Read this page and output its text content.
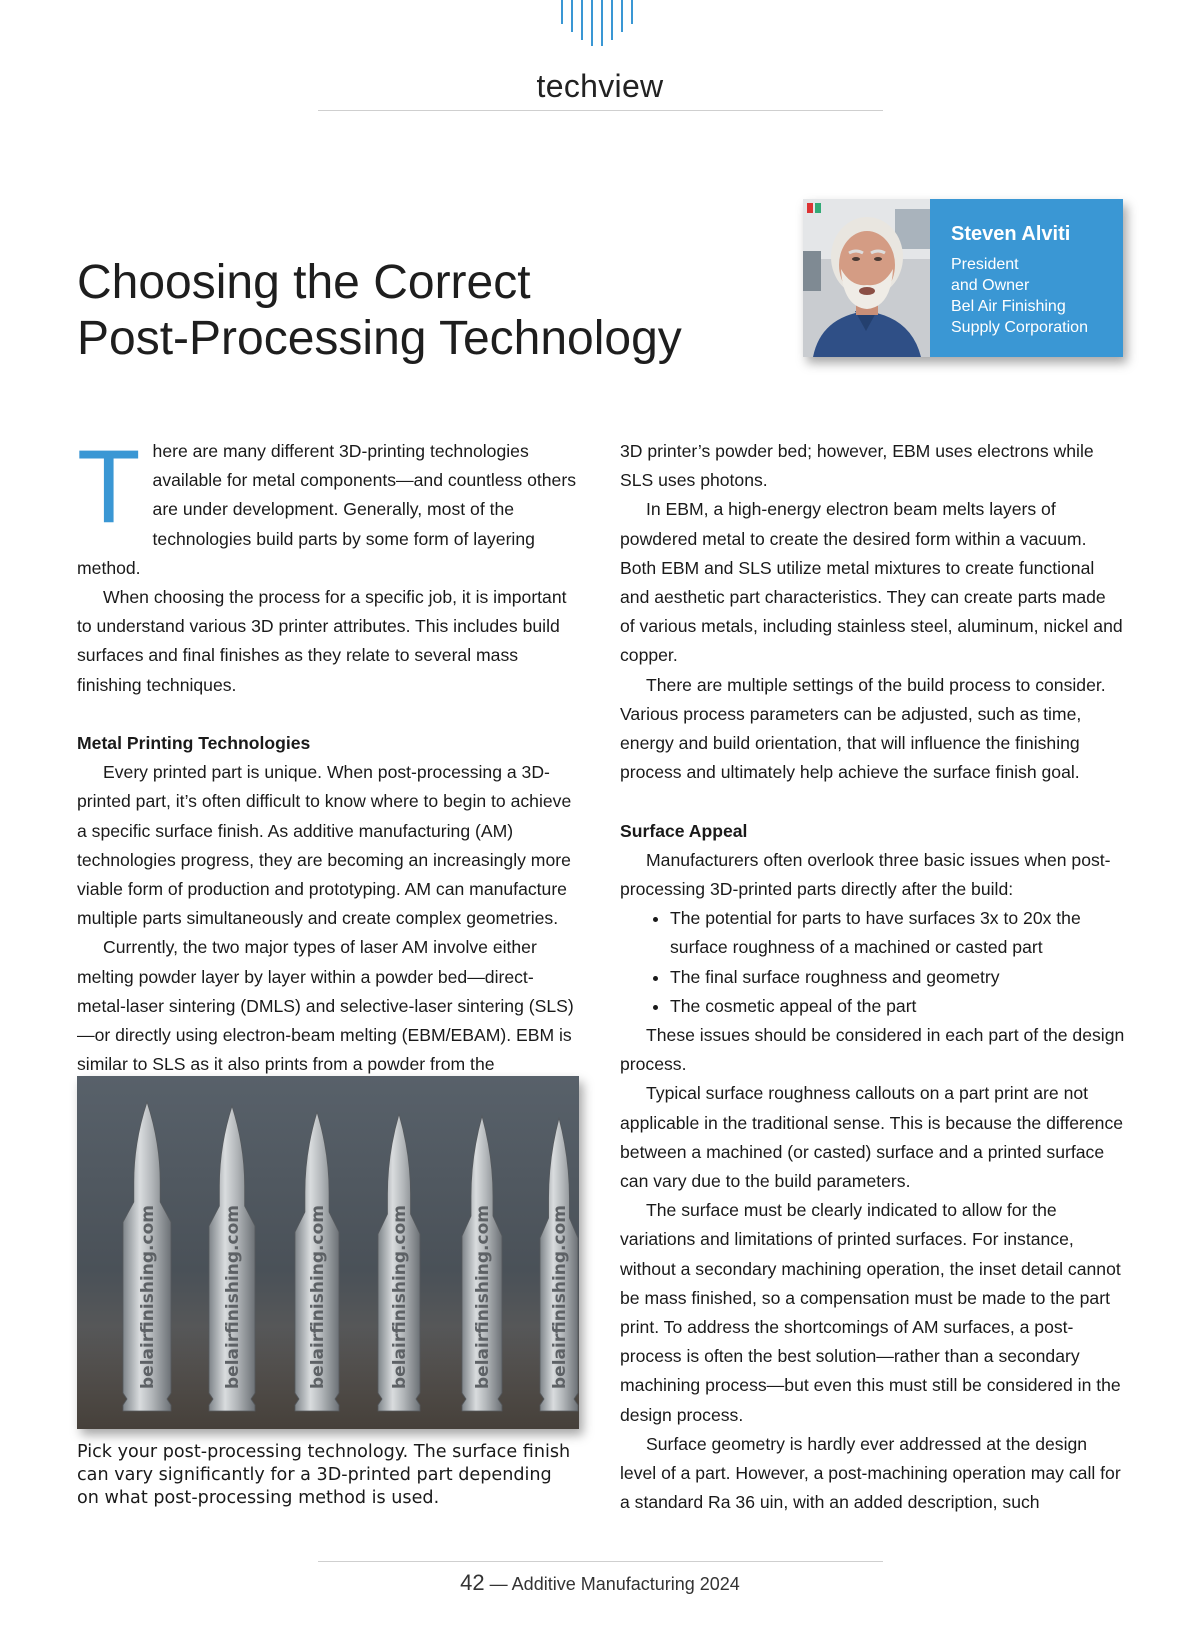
techview
Choosing the Correct
Post-Processing Technology
Steven Alviti
President
and Owner
Bel Air Finishing
Supply Corporation
T here are many different 3D-printing technologies available for metal components—and countless others are under development. Generally, most of the technologies build parts by some form of layering method.

When choosing the process for a specific job, it is important to understand various 3D printer attributes. This includes build surfaces and final finishes as they relate to several mass finishing techniques.

Metal Printing Technologies

Every printed part is unique. When post-processing a 3D-printed part, it’s often difficult to know where to begin to achieve a specific surface finish. As additive manufacturing (AM) technologies progress, they are becoming an increasingly more viable form of production and prototyping. AM can manufacture multiple parts simultaneously and create complex geometries.

Currently, the two major types of laser AM involve either melting powder layer by layer within a powder bed—direct-metal-laser sintering (DMLS) and selective-laser sintering (SLS)—or directly using electron-beam melting (EBM/EBAM). EBM is similar to SLS as it also prints from a powder from the

belairfinishing.com	belairfinishing.com	belairfinishing.com	belairfinishing.com	belairfinishing.com	belairfinishing.com
Pick your post-processing technology. The surface finish can vary significantly for a 3D-printed part depending on what post-processing method is used.

3D printer’s powder bed; however, EBM uses electrons while SLS uses photons.

In EBM, a high-energy electron beam melts layers of powdered metal to create the desired form within a vacuum. Both EBM and SLS utilize metal mixtures to create functional and aesthetic part characteristics. They can create parts made of various metals, including stainless steel, aluminum, nickel and copper.

There are multiple settings of the build process to consider. Various process parameters can be adjusted, such as time, energy and build orientation, that will influence the finishing process and ultimately help achieve the surface finish goal.

Surface Appeal

Manufacturers often overlook three basic issues when post-processing 3D-printed parts directly after the build:

• The potential for parts to have surfaces 3x to 20x the surface roughness of a machined or casted part
• The final surface roughness and geometry
• The cosmetic appeal of the part

These issues should be considered in each part of the design process.

Typical surface roughness callouts on a part print are not applicable in the traditional sense. This is because the difference between a machined (or casted) surface and a printed surface can vary due to the build parameters.

The surface must be clearly indicated to allow for the variations and limitations of printed surfaces. For instance, without a secondary machining operation, the inset detail cannot be mass finished, so a compensation must be made to the part print. To address the shortcomings of AM surfaces, a post-process is often the best solution—rather than a secondary machining process—but even this must still be considered in the design process.

Surface geometry is hardly ever addressed at the design level of a part. However, a post-machining operation may call for a standard Ra 36 uin, with an added description, such

42 — Additive Manufacturing 2024
